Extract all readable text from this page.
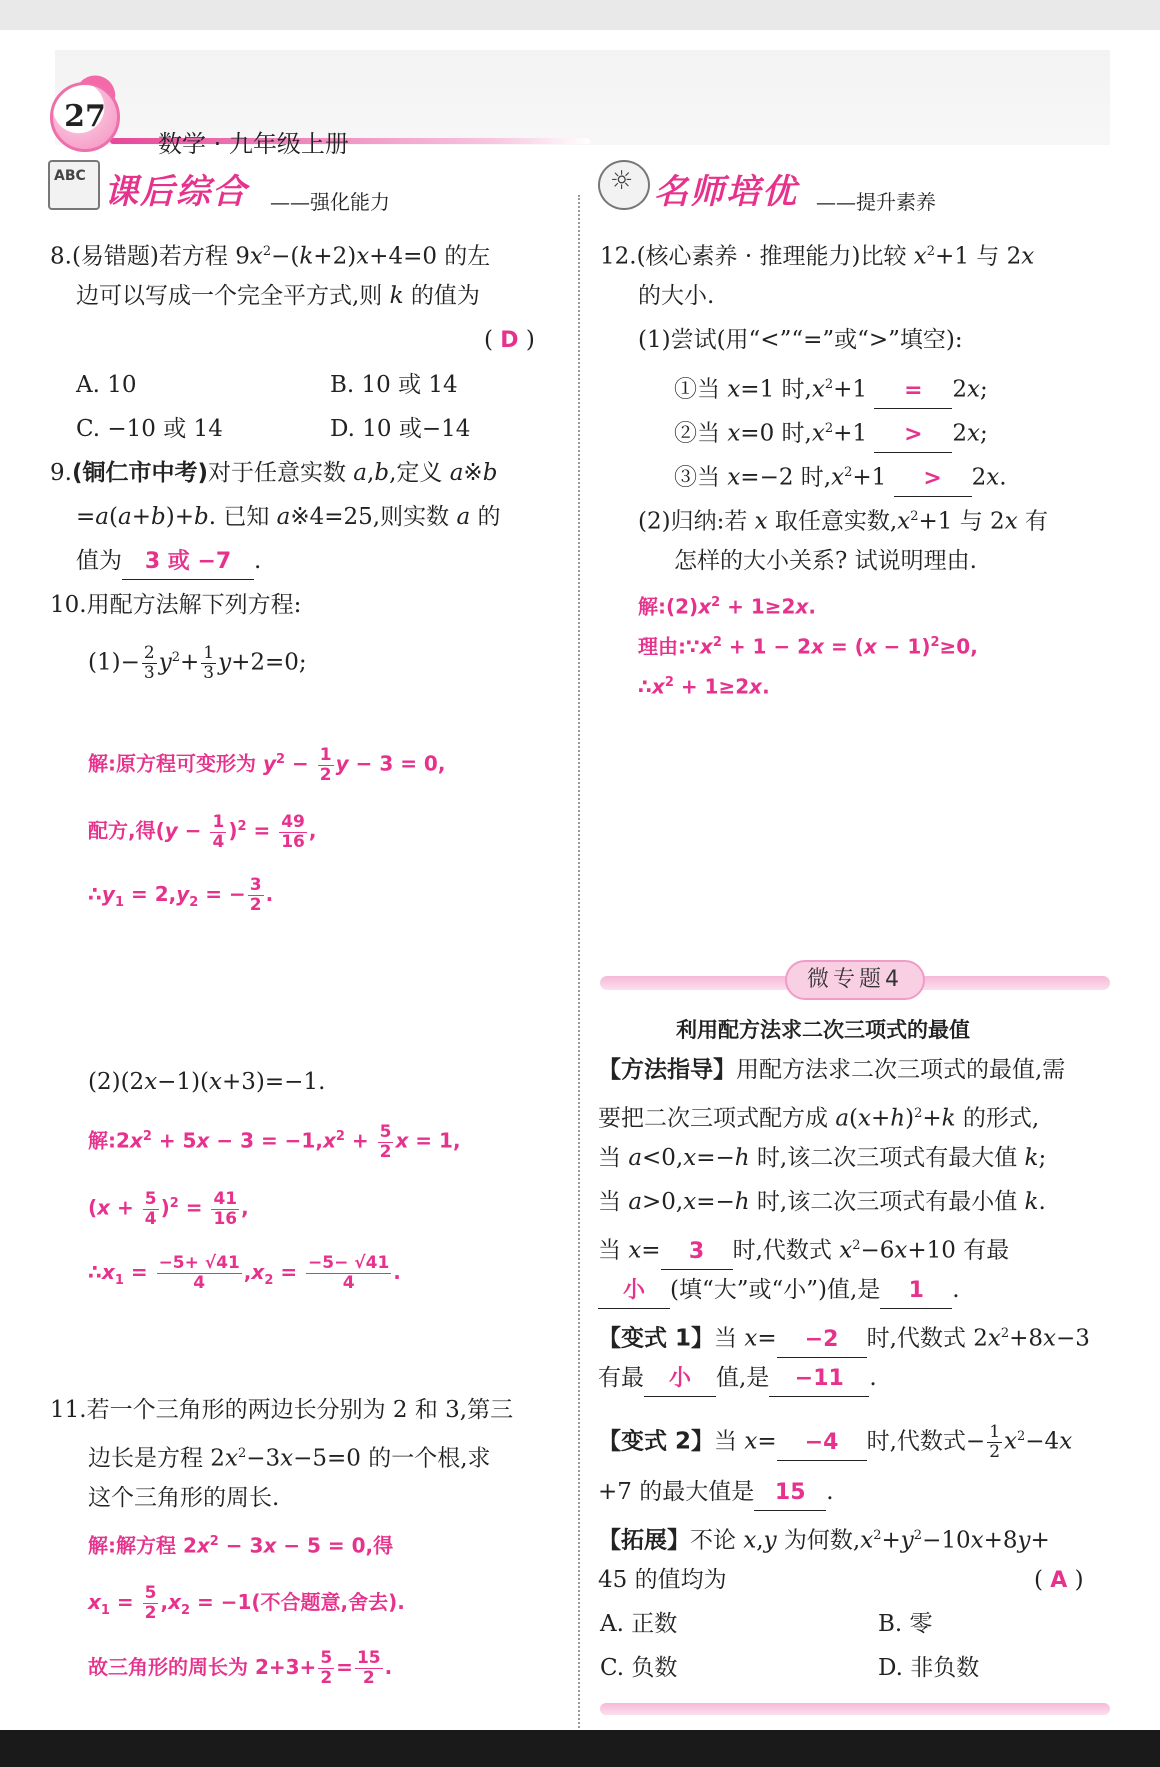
27
数学 · 九年级上册
ABC 课后综合 ——强化能力
☼ 名师培优 ——提升素养
8.(易错题)若方程 $9x^2-(k+2)x+4=0$ 的左
边可以写成一个完全平方式,则 k 的值为
( D )
A. 10	B. 10 或 14
C. −10 或 14	D. 10 或−14
9.(铜仁市中考)对于任意实数 a,b,定义 a※b
=a(a+b)+b. 已知 a※4=25,则实数 a 的
值为 3 或 −7 .
10.用配方法解下列方程:
$(1)- \frac{2}{3} y^2+ \frac{1}{3} y+2=0$;
解:原方程可变形为 $y^2 - \frac{1}{2}$ y − 3 = 0,
配方,得$(y - \frac{1}{4} )^2 = \frac{49}{16}$ ,
$\therefore y_1 = 2,y_2$ = − $\frac{3}{2}$ .
(2)(2x−1)(x+3)=−1.
解$:2x^2 + 5x - 3 = -1,x^2 + \frac{5}{2}$ x = 1,
$(x + \frac{5}{4} )^2 = \frac{41}{16}$ ,
$\therefore x_1 = \frac{-5+ √41}{4} ,x_2 = \frac{-5- √41}{4}$ .
11.若一个三角形的两边长分别为 2 和 3,第三
边长是方程 $2x^2-3x-5=0$ 的一个根,求
这个三角形的周长.
解:解方程 $2x^2 - 3x - 5 = 0$,得
$x_1 = \frac{5}{2} ,x_2 = -1$(不合题意,舍去).
故三角形的周长为 $2+3+ \frac{5}{2} = \frac{15}{2}$ .
12.(核心素养 · 推理能力)比较 $x^2+1$ 与 2x
的大小.
(1)尝试(用“<”“=”或“>”填空):
①当 x=1 时$,x^2+1 = 2x$;
②当 x=0 时$,x^2+1 > 2x$;
③当 x=−2 时$,x^2+1 > 2x$.
(2)归纳:若 x 取任意实数$,x^2+1$ 与 2x 有
怎样的大小关系? 试说明理由.
解$:(2)x^2 + 1\ge 2x$.
理由$:\because x^2 + 1 - 2x = (x - 1)^2\ge 0$,
$\therefore x^2 + 1\ge 2x$.
微专题4
利用配方法求二次三项式的最值
【方法指导】用配方法求二次三项式的最值,需
要把二次三项式配方成 $a(x+h)^2+k$ 的形式,
当 a<0,x=−h 时,该二次三项式有最大值 k;
当 a>0,x=−h 时,该二次三项式有最小值 k.
当 x= 3 时,代数式 $x^2-6x+10$ 有最
小 (填“大”或“小”)值,是 1 .
【变式 1】当 x= −2 时,代数式 $2x^2+8x-3$
有最 小 值,是 −11 .
【变式 2】当 x= −4 时,代数式− $\frac{1}{2} x^2-4x$
+7 的最大值是 15 .
【拓展】不论 x,y 为何数$,x^2+y^2-10x+8y+$
45 的值均为	( A )
A. 正数	B. 零
C. 负数	D. 非负数
